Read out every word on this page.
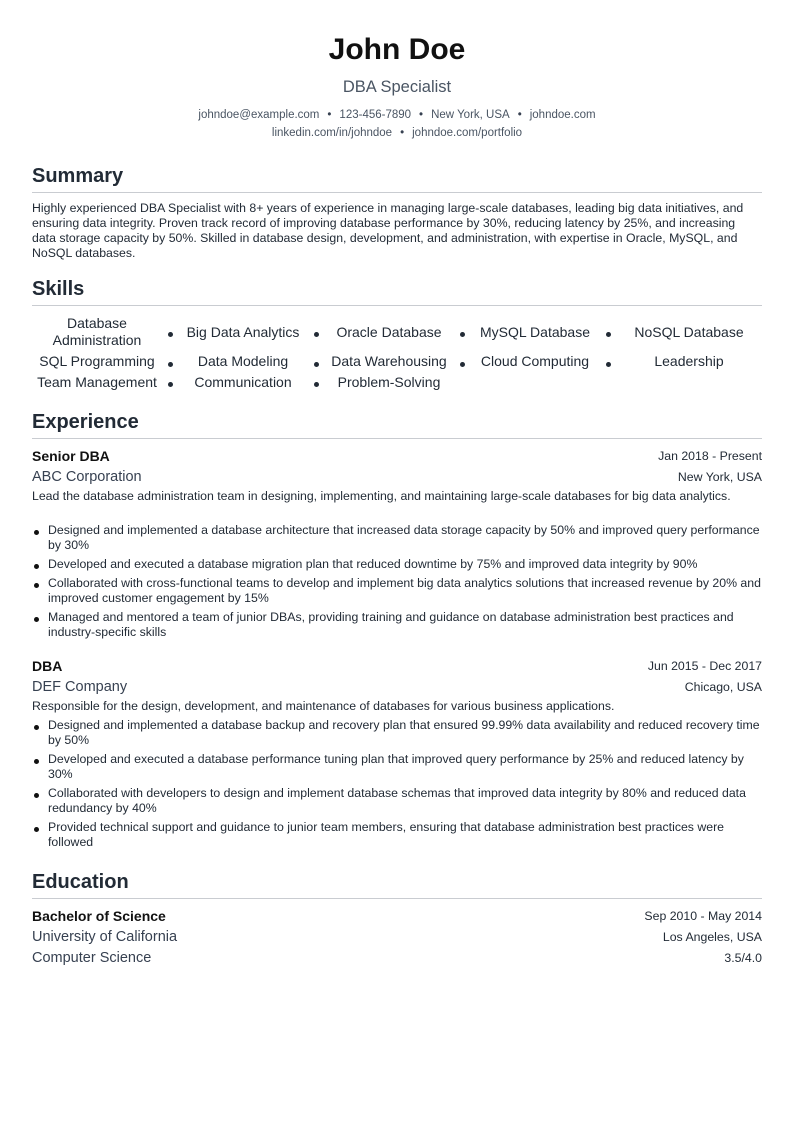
John Doe
DBA Specialist
johndoe@example.com • 123-456-7890 • New York, USA • johndoe.com
linkedin.com/in/johndoe • johndoe.com/portfolio
Summary
Highly experienced DBA Specialist with 8+ years of experience in managing large-scale databases, leading big data initiatives, and ensuring data integrity. Proven track record of improving database performance by 30%, reducing latency by 25%, and increasing data storage capacity by 50%. Skilled in database design, development, and administration, with expertise in Oracle, MySQL, and NoSQL databases.
Skills
Database Administration	Big Data Analytics	Oracle Database	MySQL Database	NoSQL Database
SQL Programming	Data Modeling	Data Warehousing	Cloud Computing	Leadership
Team Management	Communication	Problem-Solving
Experience
Senior DBA	Jan 2018 - Present
ABC Corporation	New York, USA
Lead the database administration team in designing, implementing, and maintaining large-scale databases for big data analytics.
Designed and implemented a database architecture that increased data storage capacity by 50% and improved query performance by 30%
Developed and executed a database migration plan that reduced downtime by 75% and improved data integrity by 90%
Collaborated with cross-functional teams to develop and implement big data analytics solutions that increased revenue by 20% and improved customer engagement by 15%
Managed and mentored a team of junior DBAs, providing training and guidance on database administration best practices and industry-specific skills
DBA	Jun 2015 - Dec 2017
DEF Company	Chicago, USA
Responsible for the design, development, and maintenance of databases for various business applications.
Designed and implemented a database backup and recovery plan that ensured 99.99% data availability and reduced recovery time by 50%
Developed and executed a database performance tuning plan that improved query performance by 25% and reduced latency by 30%
Collaborated with developers to design and implement database schemas that improved data integrity by 80% and reduced data redundancy by 40%
Provided technical support and guidance to junior team members, ensuring that database administration best practices were followed
Education
Bachelor of Science	Sep 2010 - May 2014
University of California	Los Angeles, USA
Computer Science	3.5/4.0
